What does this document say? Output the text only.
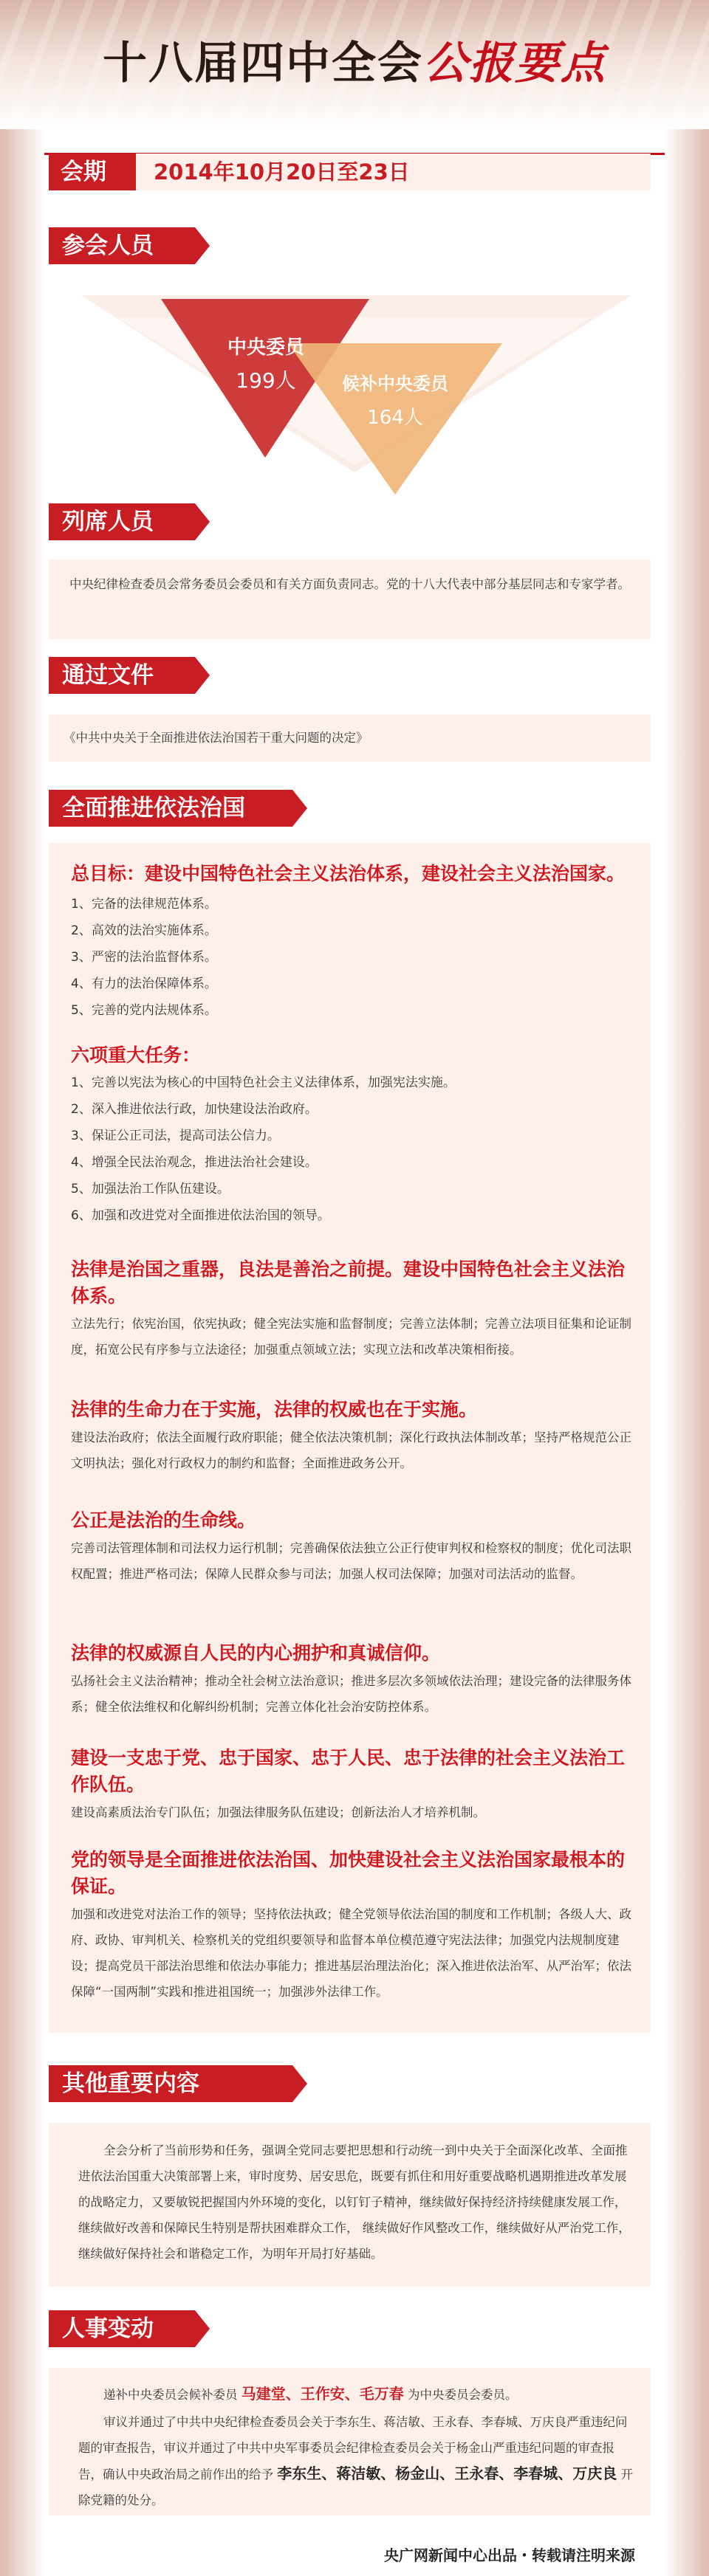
十八届四中全会公报要点
会期	2014年10月20日至23日
参会人员
中央委员
199人	候补中央委员
164人
列席人员
中央纪律检查委员会常务委员会委员和有关方面负责同志。党的十八大代表中部分基层同志和专家学者。
通过文件
《中共中央关于全面推进依法治国若干重大问题的决定》
全面推进依法治国
总目标：建设中国特色社会主义法治体系，建设社会主义法治国家。
1、完备的法律规范体系。
2、高效的法治实施体系。
3、严密的法治监督体系。
4、有力的法治保障体系。
5、完善的党内法规体系。
六项重大任务：
1、完善以宪法为核心的中国特色社会主义法律体系，加强宪法实施。
2、深入推进依法行政，加快建设法治政府。
3、保证公正司法，提高司法公信力。
4、增强全民法治观念，推进法治社会建设。
5、加强法治工作队伍建设。
6、加强和改进党对全面推进依法治国的领导。
法律是治国之重器，良法是善治之前提。建设中国特色社会主义法治体系。
立法先行；依宪治国，依宪执政；健全宪法实施和监督制度；完善立法体制；完善立法项目征集和论证制度，拓宽公民有序参与立法途径；加强重点领域立法；实现立法和改革决策相衔接。
法律的生命力在于实施，法律的权威也在于实施。
建设法治政府；依法全面履行政府职能；健全依法决策机制；深化行政执法体制改革；坚持严格规范公正文明执法；强化对行政权力的制约和监督；全面推进政务公开。
公正是法治的生命线。
完善司法管理体制和司法权力运行机制；完善确保依法独立公正行使审判权和检察权的制度；优化司法职权配置；推进严格司法；保障人民群众参与司法；加强人权司法保障；加强对司法活动的监督。
法律的权威源自人民的内心拥护和真诚信仰。
弘扬社会主义法治精神；推动全社会树立法治意识；推进多层次多领域依法治理；建设完备的法律服务体系；健全依法维权和化解纠纷机制；完善立体化社会治安防控体系。
建设一支忠于党、忠于国家、忠于人民、忠于法律的社会主义法治工作队伍。
建设高素质法治专门队伍；加强法律服务队伍建设；创新法治人才培养机制。
党的领导是全面推进依法治国、加快建设社会主义法治国家最根本的保证。
加强和改进党对法治工作的领导；坚持依法执政；健全党领导依法治国的制度和工作机制；各级人大、政府、政协、审判机关、检察机关的党组织要领导和监督本单位模范遵守宪法法律；加强党内法规制度建设；提高党员干部法治思维和依法办事能力；推进基层治理法治化；深入推进依法治军、从严治军；依法保障“一国两制”实践和推进祖国统一；加强涉外法律工作。
其他重要内容
全会分析了当前形势和任务，强调全党同志要把思想和行动统一到中央关于全面深化改革、全面推进依法治国重大决策部署上来，审时度势、居安思危，既要有抓住和用好重要战略机遇期推进改革发展的战略定力，又要敏锐把握国内外环境的变化，以钉钉子精神，继续做好保持经济持续健康发展工作，继续做好改善和保障民生特别是帮扶困难群众工作， 继续做好作风整改工作，继续做好从严治党工作，继续做好保持社会和谐稳定工作，为明年开局打好基础。
人事变动
递补中央委员会候补委员 马建堂、王作安、毛万春 为中央委员会委员。
审议并通过了中共中央纪律检查委员会关于李东生、蒋洁敏、王永春、李春城、万庆良严重违纪问题的审查报告，审议并通过了中共中央军事委员会纪律检查委员会关于杨金山严重违纪问题的审查报告，确认中央政治局之前作出的给予 李东生、蒋洁敏、杨金山、王永春、李春城、万庆良 开除党籍的处分。
央广网新闻中心出品・转载请注明来源
